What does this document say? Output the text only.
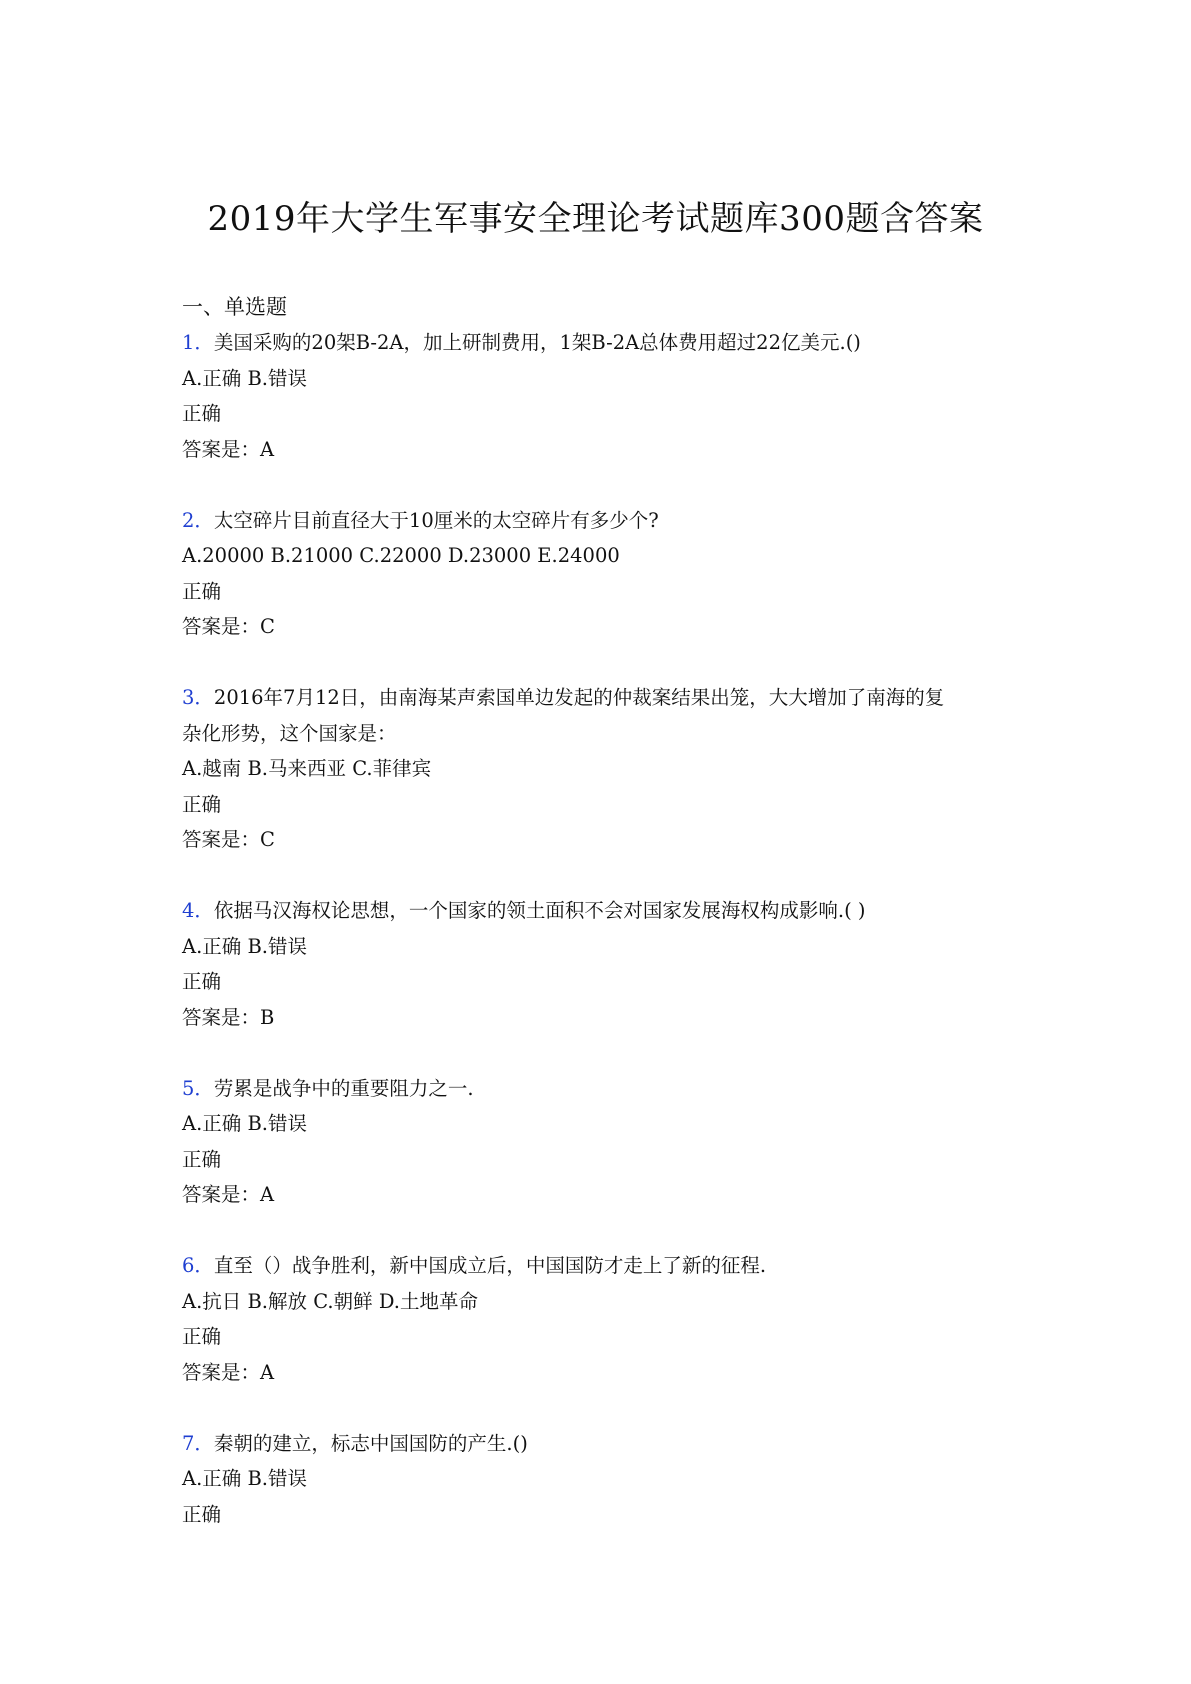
2019年大学生军事安全理论考试题库300题含答案
一、单选题
1．美国采购的20架B-2A，加上研制费用，1架B-2A总体费用超过22亿美元.()
A.正确 B.错误
正确
答案是：A
2．太空碎片目前直径大于10厘米的太空碎片有多少个?
A.20000 B.21000 C.22000 D.23000 E.24000
正确
答案是：C
3．2016年7月12日，由南海某声索国单边发起的仲裁案结果出笼，大大增加了南海的复
杂化形势，这个国家是：
A.越南 B.马来西亚 C.菲律宾
正确
答案是：C
4．依据马汉海权论思想，一个国家的领土面积不会对国家发展海权构成影响.( )
A.正确 B.错误
正确
答案是：B
5．劳累是战争中的重要阻力之一.
A.正确 B.错误
正确
答案是：A
6．直至（）战争胜利，新中国成立后，中国国防才走上了新的征程.
A.抗日 B.解放 C.朝鲜 D.土地革命
正确
答案是：A
7．秦朝的建立，标志中国国防的产生.()
A.正确 B.错误
正确
